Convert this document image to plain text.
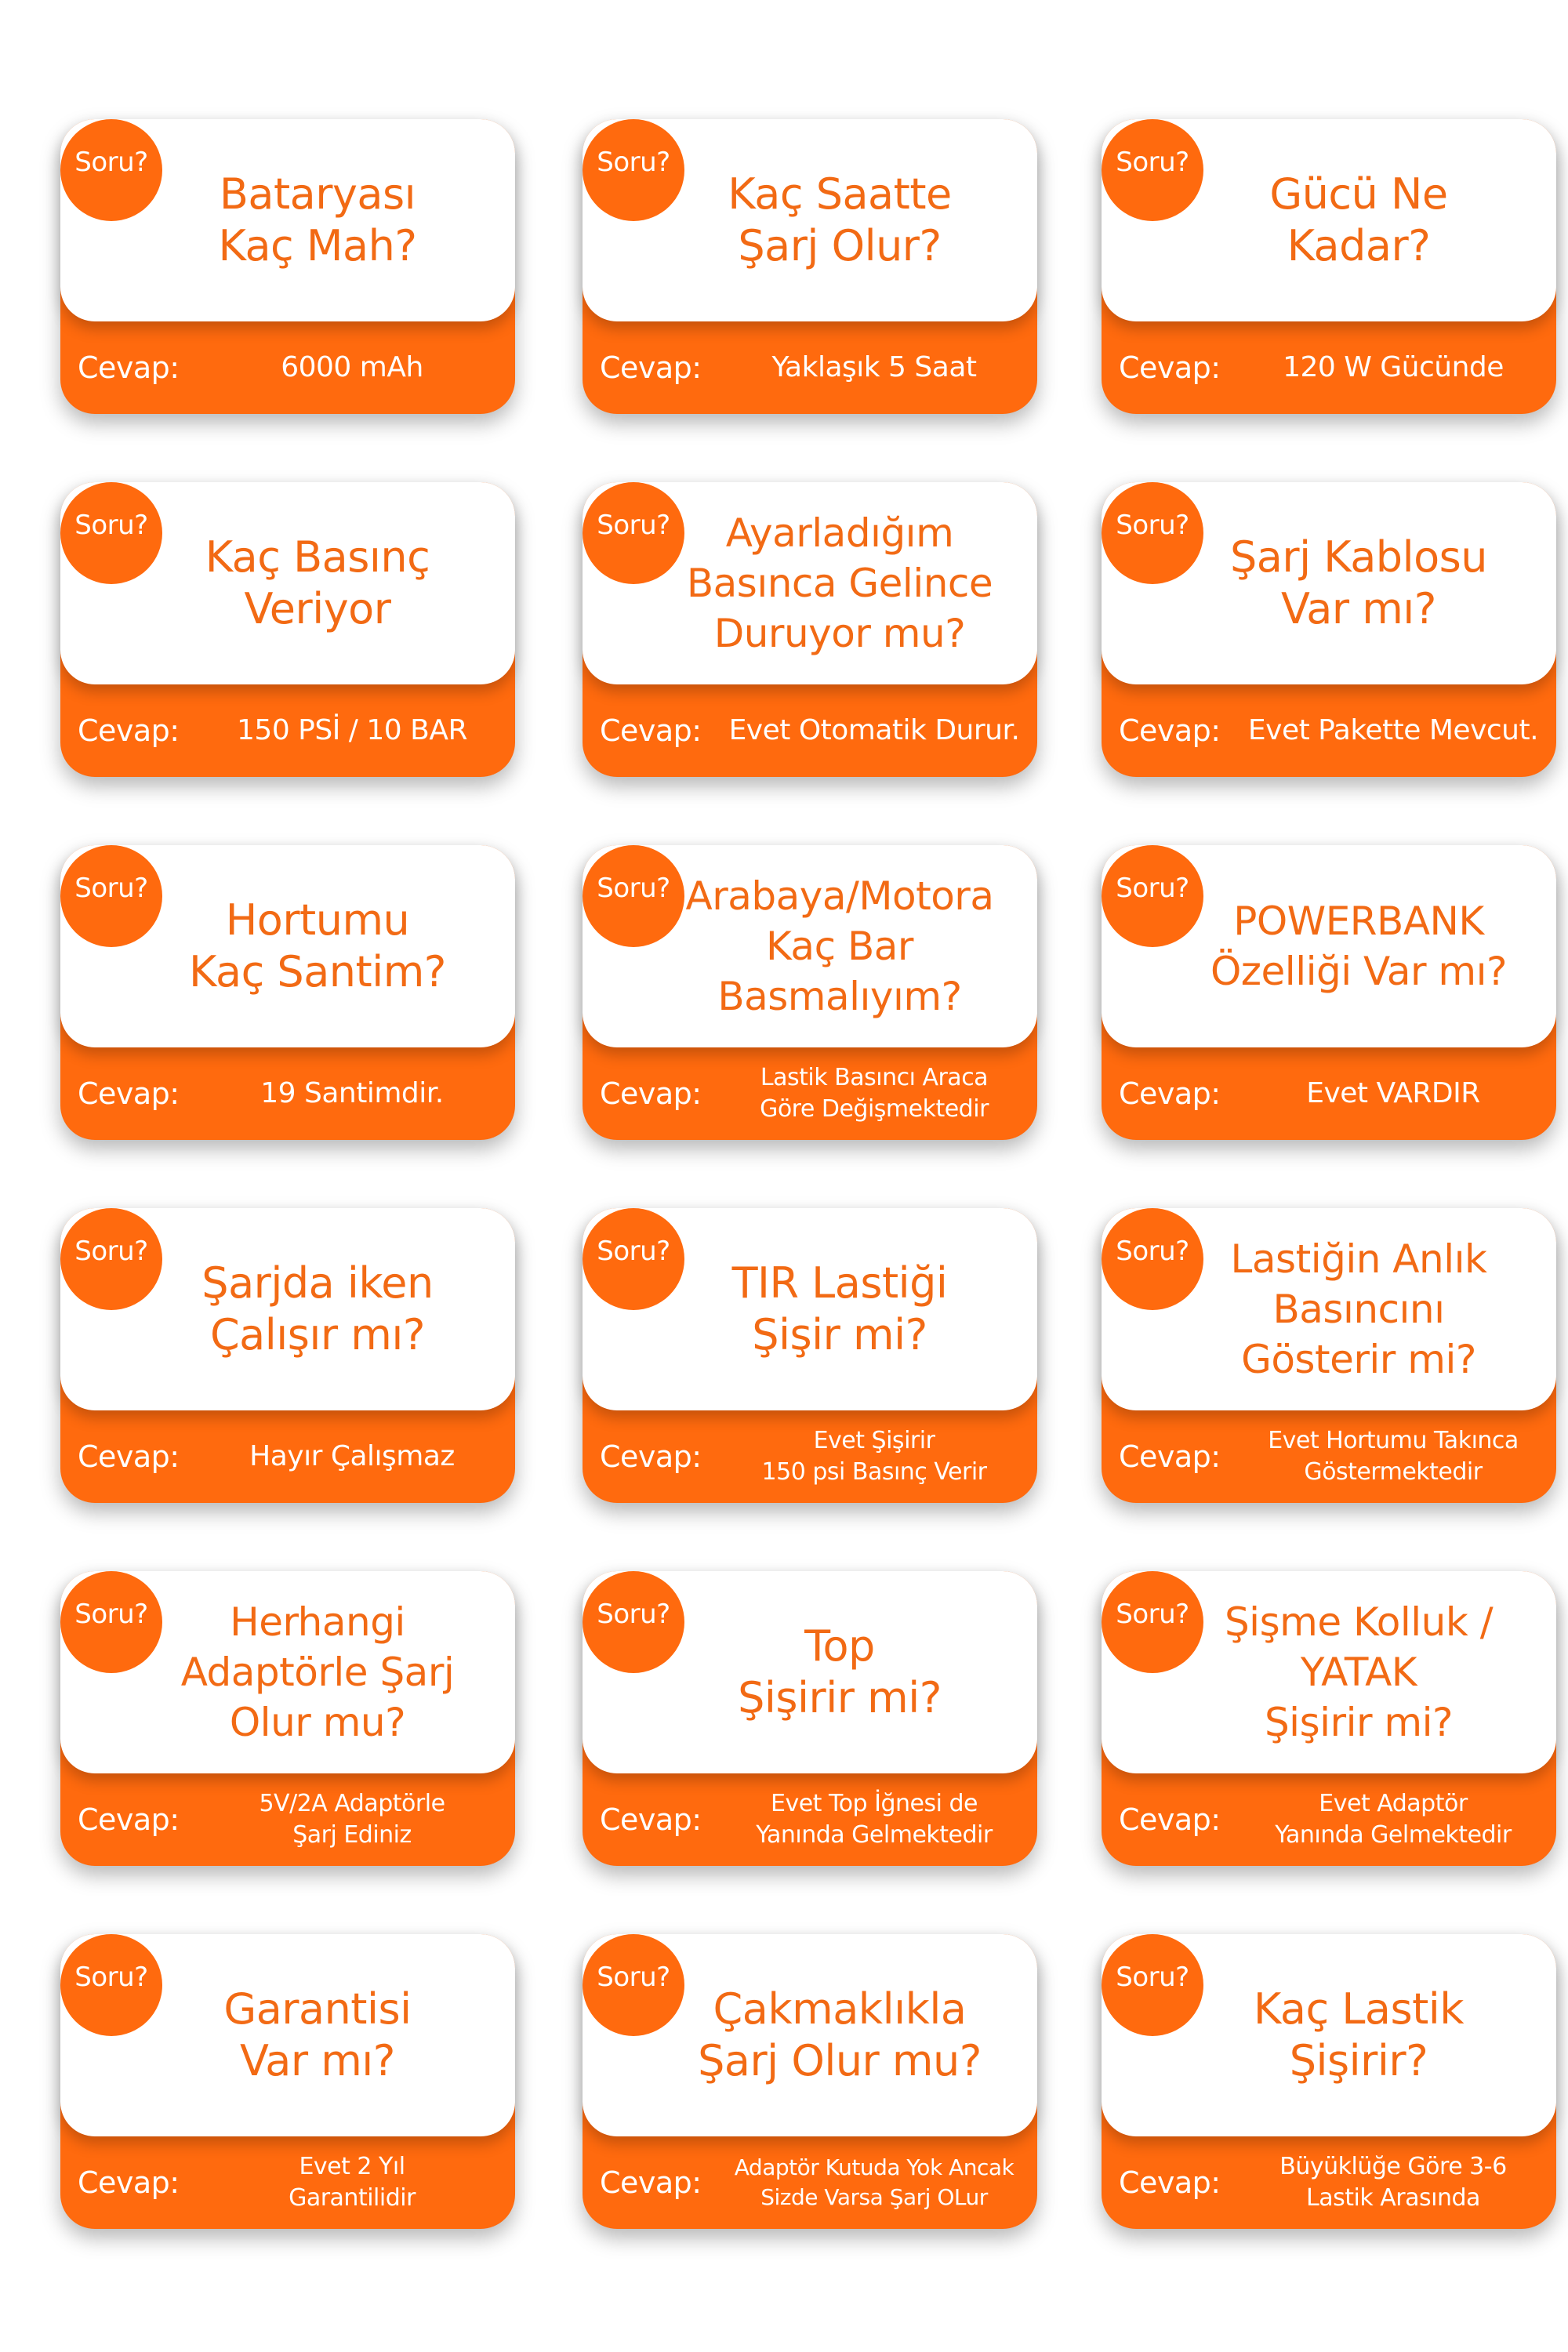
Soru?
Bataryası
Kaç Mah?
Cevap:	6000 mAh
Soru?
Kaç Saatte
Şarj Olur?
Cevap:	Yaklaşık 5 Saat
Soru?
Gücü Ne
Kadar?
Cevap:	120 W Gücünde
Soru?
Kaç Basınç
Veriyor
Cevap:	150 PSİ / 10 BAR
Soru?	Ayarladığım
Basınca Gelince
Duruyor mu?
Cevap: Evet Otomatik Durur.
Soru?
Şarj Kablosu
Var mı?
Cevap: Evet Pakette Mevcut.
Soru?
Hortumu
Kaç Santim?
Cevap:	19 Santimdir.
Soru? Arabaya/Motora
Kaç Bar
Basmalıyım?
Cevap:	Lastik Basıncı Araca
Göre Değişmektedir
Soru?
POWERBANK
Özelliği Var mı?
Cevap:	Evet VARDIR
Soru?
Şarjda iken
Çalışır mı?
Cevap:	Hayır Çalışmaz
Soru?
TIR Lastiği
Şişir mi?
Cevap:	Evet Şişirir
150 psi Basınç Verir
Soru?	Lastiğin Anlık
Basıncını
Gösterir mi?
Cevap:	Evet Hortumu Takınca
Göstermektedir
Soru?	Herhangi
Adaptörle Şarj
Olur mu?
Cevap:	5V/2A Adaptörle
Şarj Ediniz
Soru?
Top
Şişirir mi?
Cevap:	Evet Top İğnesi de
Yanında Gelmektedir
Soru? Şişme Kolluk /
YATAK
Şişirir mi?
Cevap:	Evet Adaptör
Yanında Gelmektedir
Soru?
Garantisi
Var mı?
Cevap:	Evet 2 Yıl
Garantilidir
Soru?
Çakmaklıkla
Şarj Olur mu?
Cevap:	Adaptör Kutuda Yok Ancak
Sizde Varsa Şarj OLur
Soru?
Kaç Lastik
Şişirir?
Cevap:	Büyüklüğe Göre 3-6
Lastik Arasında
